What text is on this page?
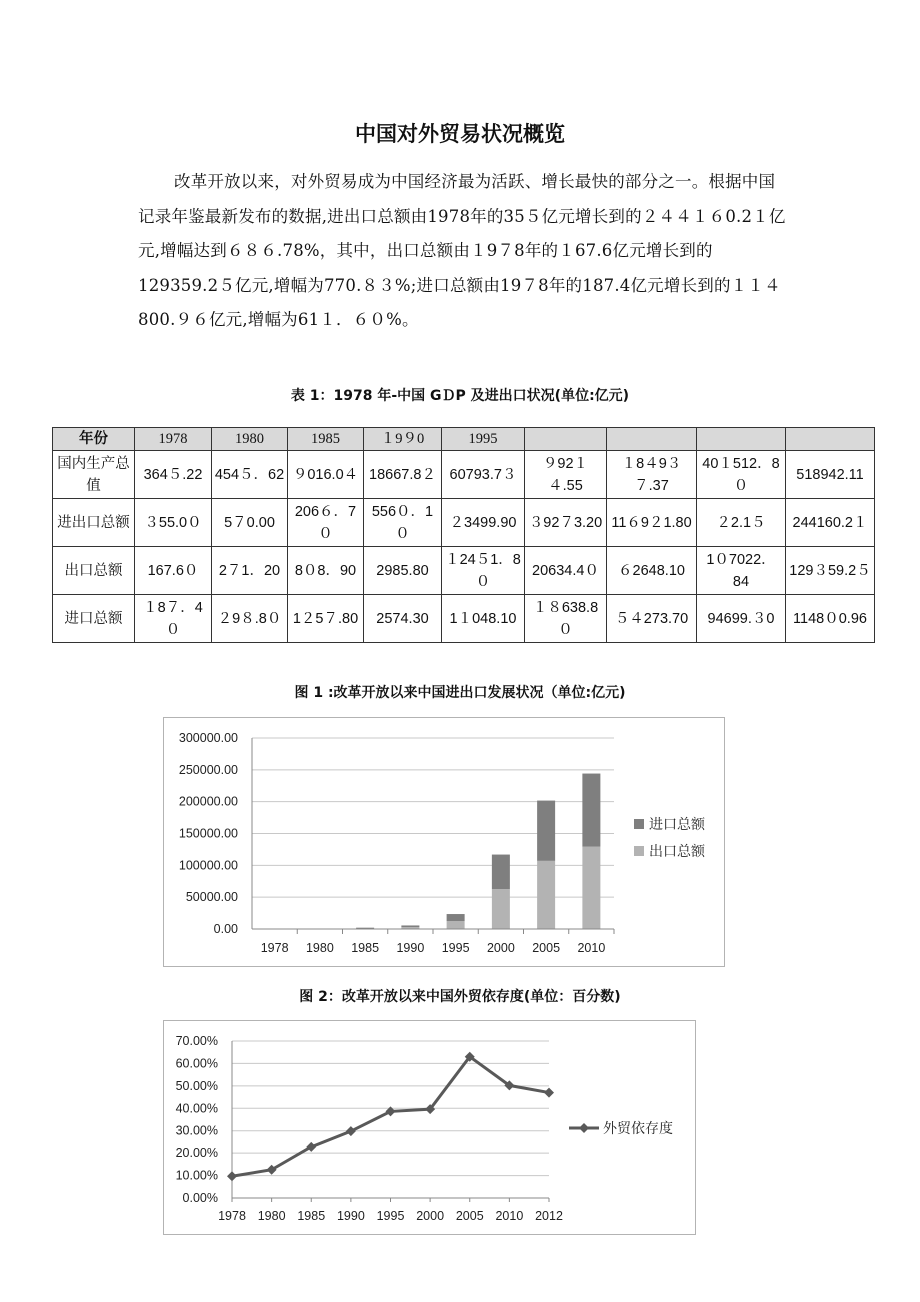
中国对外贸易状况概览

改革开放以来，对外贸易成为中国经济最为活跃、增长最快的部分之一。根据中国记录年鉴最新发布的数据,进出口总额由1978年的35５亿元增长到的２４４１６0.2１亿元,增幅达到６８６.78%，其中，出口总额由１9７8年的１67.6亿元增长到的129359.2５亿元,增幅为770.８３%;进口总额由19７8年的187.4亿元增长到的１１４800.９６亿元,增幅为61１．６０%。

表 1：1978 年-中国 GＤP 及进出口状况(单位:亿元)
年份	1978	1980	1985	１9９0	1995				
国内生产总值	364５.22	454５．62	９016.0４	18667.8２	60793.7３	９92１４.55	１8４9３７.37	40１512．8０	518942.11
进出口总额	３55.0０	5７0.00	206６．7０	556０．1０	２3499.90	３92７3.20	11６9２1.80	２2.1５	244160.2１
出口总额	167.6０	2７1．20	8０8．90	2985.80	１24５1．8０	20634.4０	６2648.10	1０7022．84	129３59.2５
进口总额	１8７．4０	２9８.8０	1２5７.80	2574.30	1１048.10	１８638.8０	５４273.70	94699.３0	1148０0.96
图 1 :改革开放以来中国进出口发展状况（单位:亿元)
0.00
50000.00
100000.00
150000.00
200000.00
250000.00
300000.00
1978 1980 1985 1990 1995 2000 2005 2010
进口总额
出口总额
图 2：改革开放以来中国外贸依存度(单位：百分数)
0.00%
10.00%
20.00%
30.00%
40.00%
50.00%
60.00%
70.00%
1978 1980 1985 1990 1995 2000 2005 2010 2012
外贸依存度
